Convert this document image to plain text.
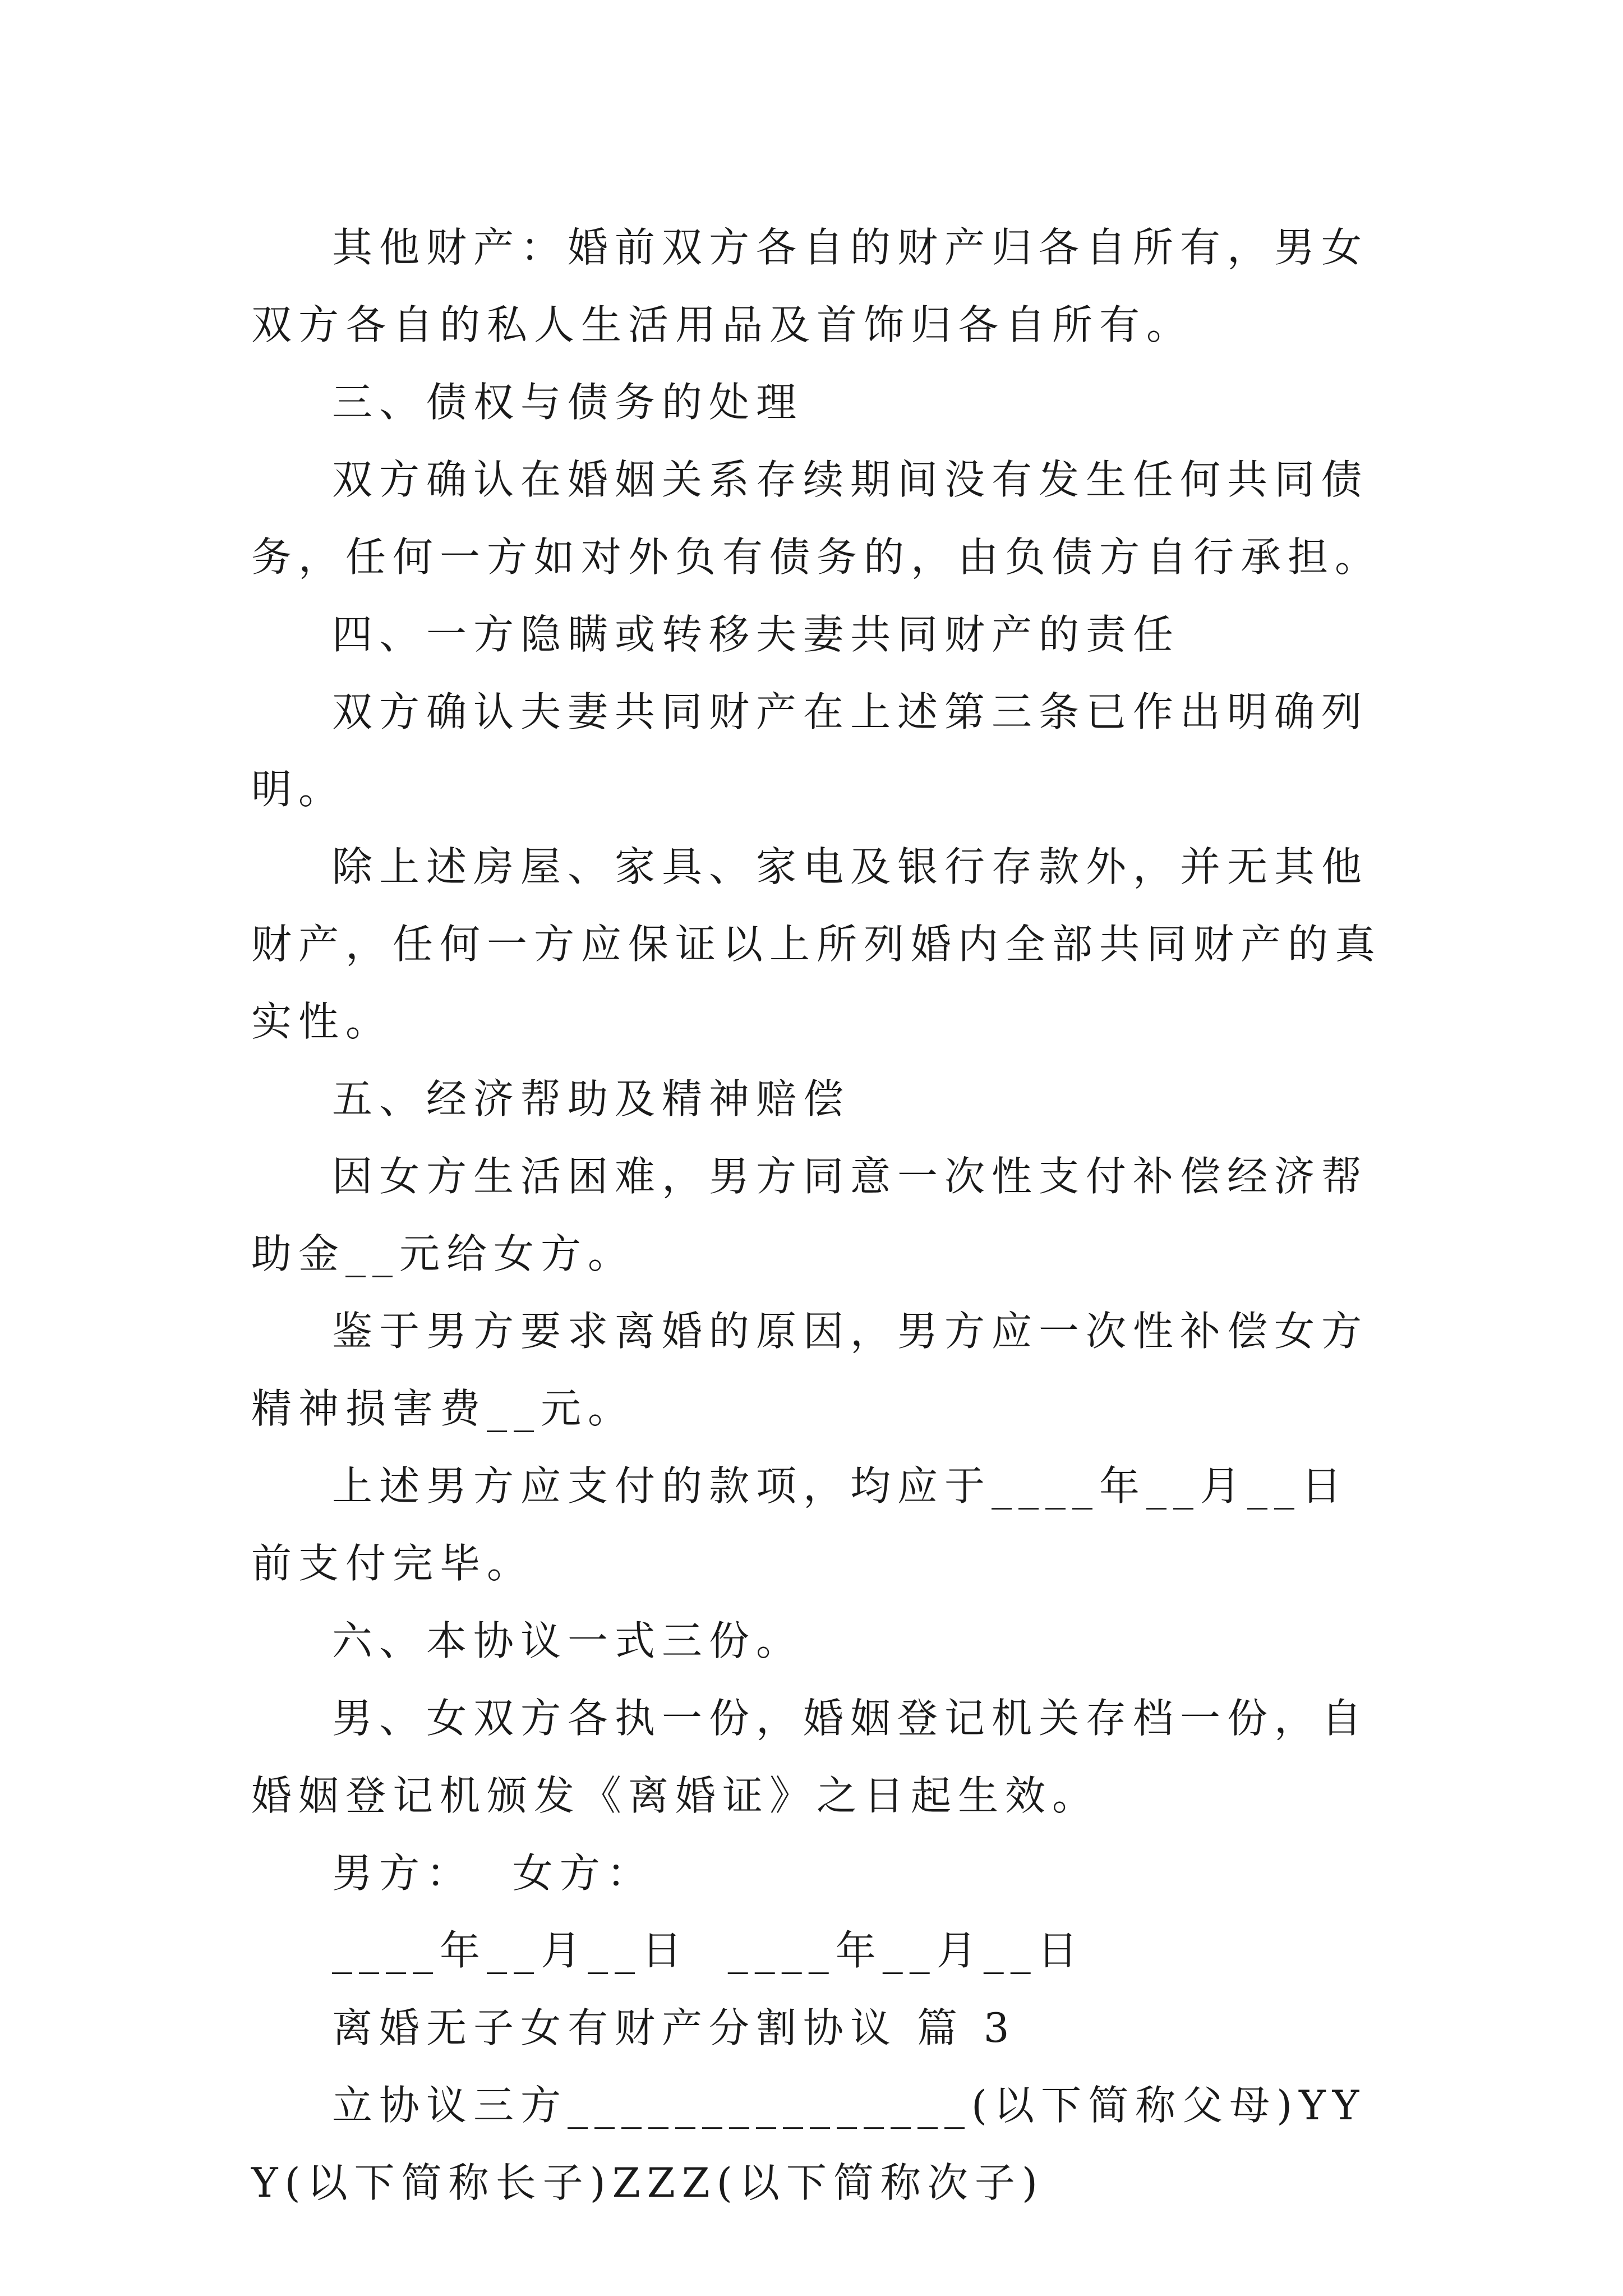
其他财产：婚前双方各自的财产归各自所有，男女双方各自的私人生活用品及首饰归各自所有。

三、债权与债务的处理

双方确认在婚姻关系存续期间没有发生任何共同债务，任何一方如对外负有债务的，由负债方自行承担。

四、一方隐瞒或转移夫妻共同财产的责任

双方确认夫妻共同财产在上述第三条已作出明确列明。

除上述房屋、家具、家电及银行存款外，并无其他财产，任何一方应保证以上所列婚内全部共同财产的真实性。

五、经济帮助及精神赔偿

因女方生活困难，男方同意一次性支付补偿经济帮助金__元给女方。

鉴于男方要求离婚的原因，男方应一次性补偿女方精神损害费__元。

上述男方应支付的款项，均应于____年__月__日前支付完毕。

六、本协议一式三份。

男、女双方各执一份，婚姻登记机关存档一份，自婚姻登记机颁发《离婚证》之日起生效。

男方：  女方：

____年__月__日  ____年__月__日

离婚无子女有财产分割协议 篇 3

立协议三方_______________(以下简称父母)YYY(以下简称长子)ZZZ(以下简称次子)
